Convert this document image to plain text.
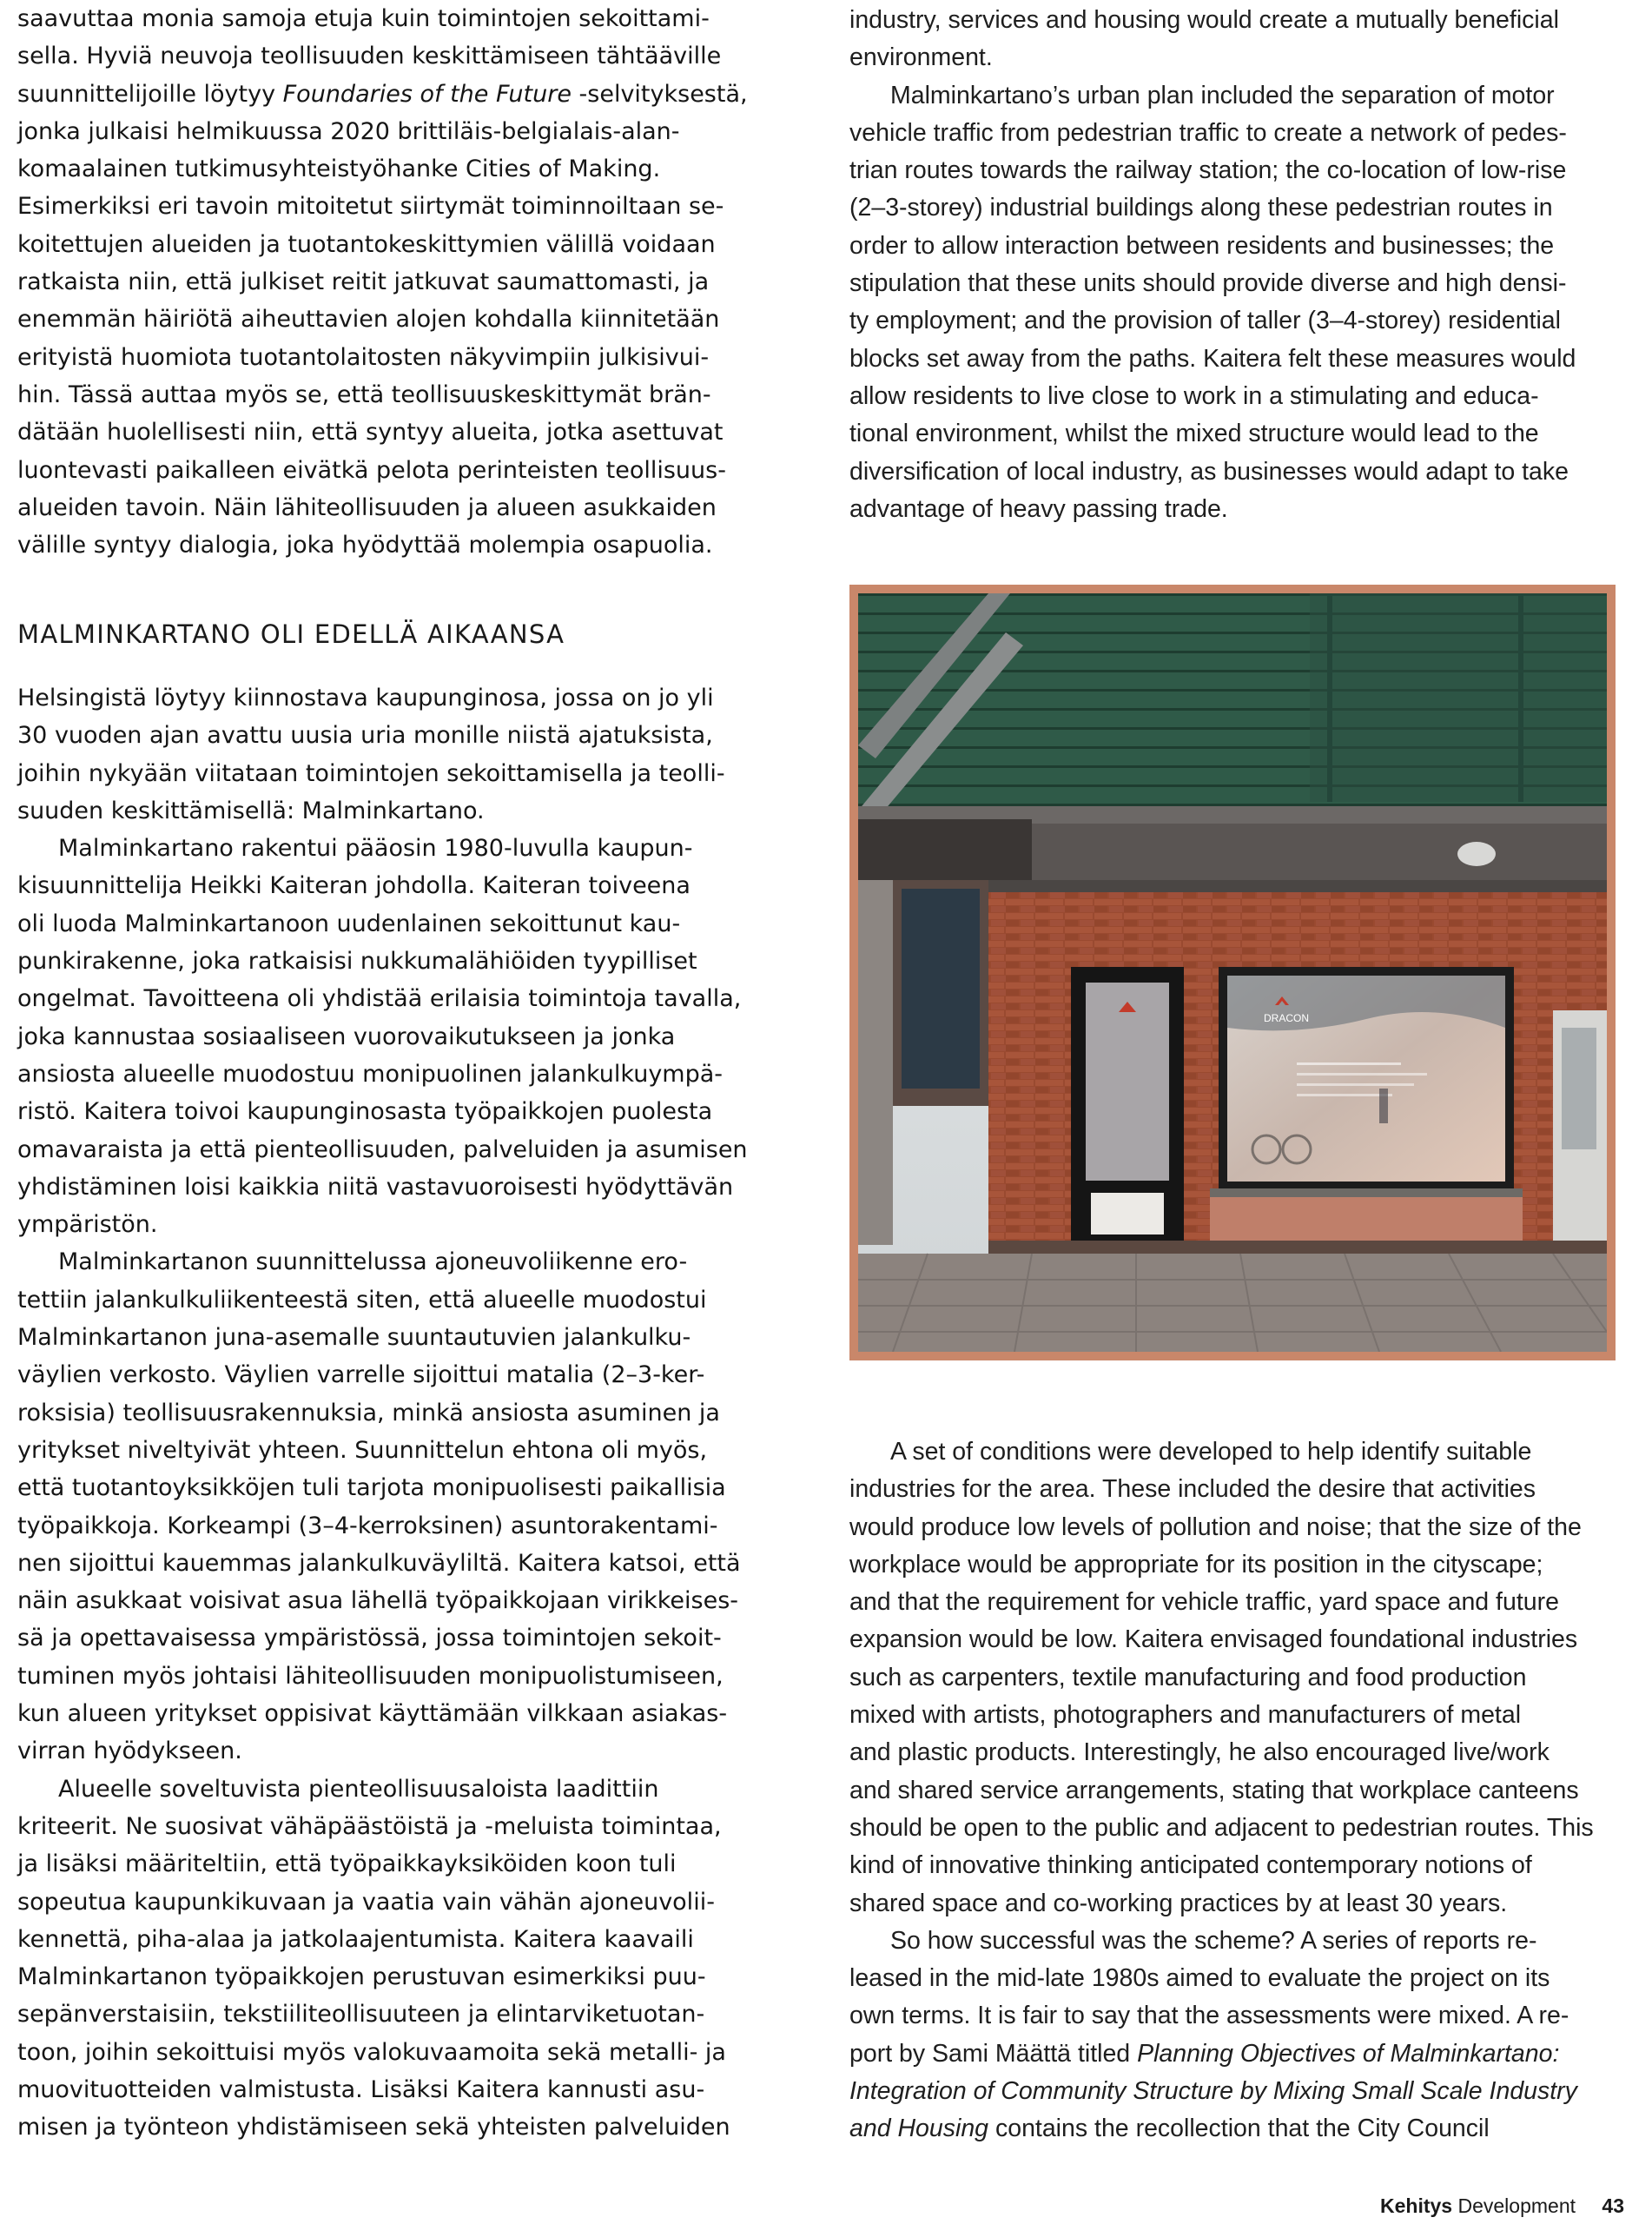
saavuttaa monia samoja etuja kuin toimintojen sekoittami-
sella. Hyviä neuvoja teollisuuden keskittämiseen tähtääville
suunnittelijoille löytyy Foundaries of the Future -selvityksestä,
jonka julkaisi helmikuussa 2020 brittiläis-belgialais-alan-
komaalainen tutkimusyhteistyöhanke Cities of Making.
Esimerkiksi eri tavoin mitoitetut siirtymät toiminnoiltaan se-
koitettujen alueiden ja tuotantokeskittymien välillä voidaan
ratkaista niin, että julkiset reitit jatkuvat saumattomasti, ja
enemmän häiriötä aiheuttavien alojen kohdalla kiinnitetään
erityistä huomiota tuotantolaitosten näkyvimpiin julkisivui-
hin. Tässä auttaa myös se, että teollisuuskeskittymät brän-
dätään huolellisesti niin, että syntyy alueita, jotka asettuvat
luontevasti paikalleen eivätkä pelota perinteisten teollisuus-
alueiden tavoin. Näin lähiteollisuuden ja alueen asukkaiden
välille syntyy dialogia, joka hyödyttää molempia osapuolia.
MALMINKARTANO OLI EDELLÄ AIKAANSA
Helsingistä löytyy kiinnostava kaupunginosa, jossa on jo yli
30 vuoden ajan avattu uusia uria monille niistä ajatuksista,
joihin nykyään viitataan toimintojen sekoittamisella ja teolli-
suuden keskittämisellä: Malminkartano.
Malminkartano rakentui pääosin 1980-luvulla kaupun-
kisuunnittelija Heikki Kaiteran johdolla. Kaiteran toiveena
oli luoda Malminkartanoon uudenlainen sekoittunut kau-
punkirakenne, joka ratkaisisi nukkumalähiöiden tyypilliset
ongelmat. Tavoitteena oli yhdistää erilaisia toimintoja tavalla,
joka kannustaa sosiaaliseen vuorovaikutukseen ja jonka
ansiosta alueelle muodostuu monipuolinen jalankulkuympä-
ristö. Kaitera toivoi kaupunginosasta työpaikkojen puolesta
omavaraista ja että pienteollisuuden, palveluiden ja asumisen
yhdistäminen loisi kaikkia niitä vastavuoroisesti hyödyttävän
ympäristön.
Malminkartanon suunnittelussa ajoneuvoliikenne ero-
tettiin jalankulkuliikenteestä siten, että alueelle muodostui
Malminkartanon juna-asemalle suuntautuvien jalankulku-
väylien verkosto. Väylien varrelle sijoittui matalia (2–3-ker-
roksisia) teollisuusrakennuksia, minkä ansiosta asuminen ja
yritykset niveltyivät yhteen. Suunnittelun ehtona oli myös,
että tuotantoyksikköjen tuli tarjota monipuolisesti paikallisia
työpaikkoja. Korkeampi (3–4-kerroksinen) asuntorakentami-
nen sijoittui kauemmas jalankulkuväyliltä. Kaitera katsoi, että
näin asukkaat voisivat asua lähellä työpaikkojaan virikkeises-
sä ja opettavaisessa ympäristössä, jossa toimintojen sekoit-
tuminen myös johtaisi lähiteollisuuden monipuolistumiseen,
kun alueen yritykset oppisivat käyttämään vilkkaan asiakas-
virran hyödykseen.
Alueelle soveltuvista pienteollisuusaloista laadittiin
kriteerit. Ne suosivat vähäpäästöistä ja -meluista toimintaa,
ja lisäksi määriteltiin, että työpaikkayksiköiden koon tuli
sopeutua kaupunkikuvaan ja vaatia vain vähän ajoneuvolii-
kennettä, piha-alaa ja jatkolaajentumista. Kaitera kaavaili
Malminkartanon työpaikkojen perustuvan esimerkiksi puu-
sepänverstaisiin, tekstiiliteollisuuteen ja elintarviketuotan-
toon, joihin sekoittuisi myös valokuvaamoita sekä metalli- ja
muovituotteiden valmistusta. Lisäksi Kaitera kannusti asu-
misen ja työnteon yhdistämiseen sekä yhteisten palveluiden
industry, services and housing would create a mutually beneficial
environment.
Malminkartano’s urban plan included the separation of motor
vehicle traffic from pedestrian traffic to create a network of pedes-
trian routes towards the railway station; the co-location of low-rise
(2–3-storey) industrial buildings along these pedestrian routes in
order to allow interaction between residents and businesses; the
stipulation that these units should provide diverse and high densi-
ty employment; and the provision of taller (3–4-storey) residential
blocks set away from the paths. Kaitera felt these measures would
allow residents to live close to work in a stimulating and educa-
tional environment, whilst the mixed structure would lead to the
diversification of local industry, as businesses would adapt to take
advantage of heavy passing trade.
DRACON
A set of conditions were developed to help identify suitable
industries for the area. These included the desire that activities
would produce low levels of pollution and noise; that the size of the
workplace would be appropriate for its position in the cityscape;
and that the requirement for vehicle traffic, yard space and future
expansion would be low. Kaitera envisaged foundational industries
such as carpenters, textile manufacturing and food production
mixed with artists, photographers and manufacturers of metal
and plastic products. Interestingly, he also encouraged live/work
and shared service arrangements, stating that workplace canteens
should be open to the public and adjacent to pedestrian routes. This
kind of innovative thinking anticipated contemporary notions of
shared space and co-working practices by at least 30 years.
So how successful was the scheme? A series of reports re-
leased in the mid-late 1980s aimed to evaluate the project on its
own terms. It is fair to say that the assessments were mixed. A re-
port by Sami Määttä titled Planning Objectives of Malminkartano:
Integration of Community Structure by Mixing Small Scale Industry
and Housing contains the recollection that the City Council
Kehitys Development 43
